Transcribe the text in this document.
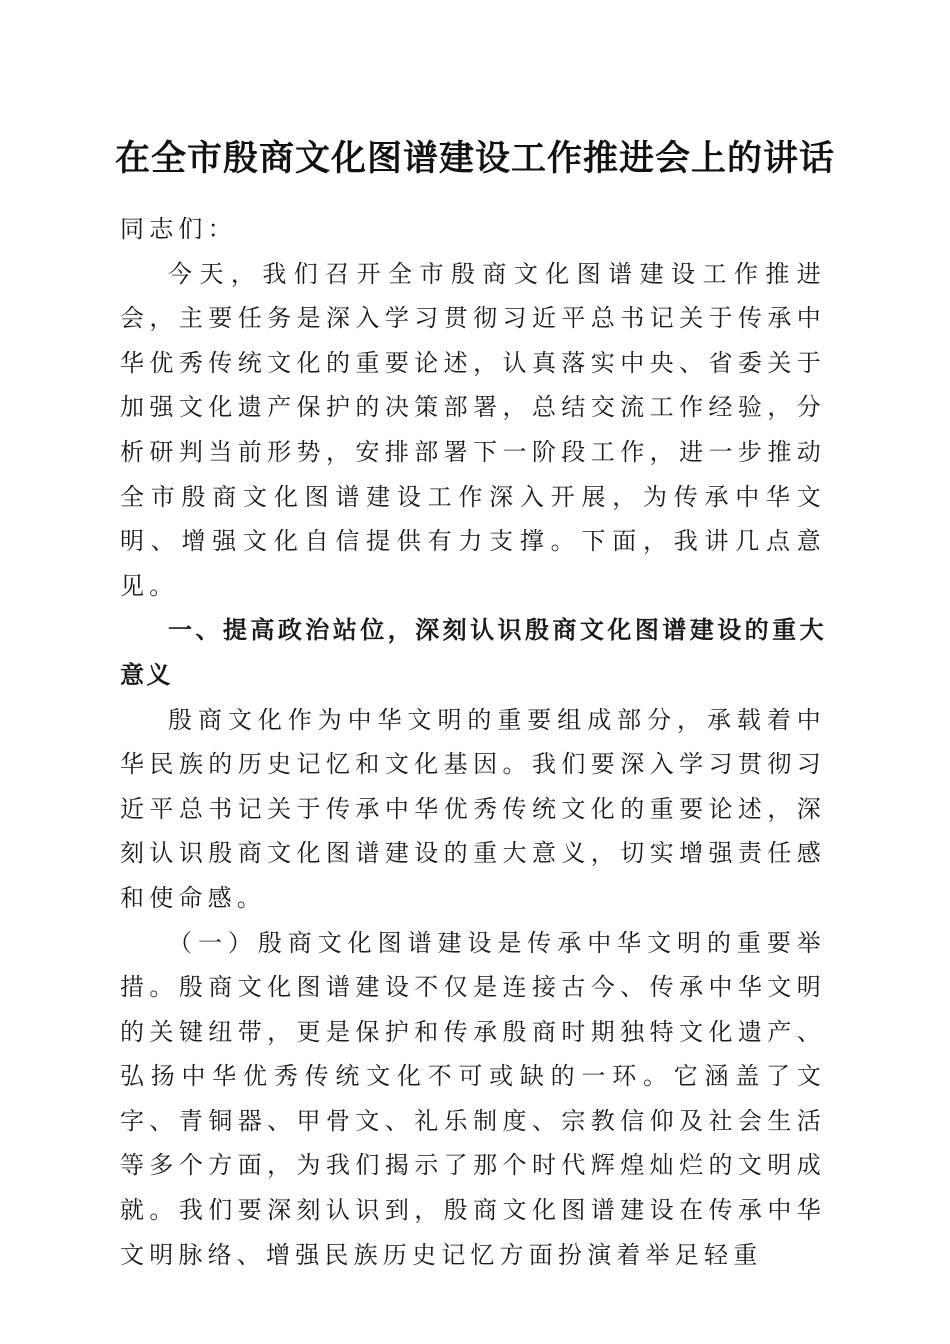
在全市殷商文化图谱建设工作推进会上的讲话

同志们：

今天，我们召开全市殷商文化图谱建设工作推进会，主要任务是深入学习贯彻习近平总书记关于传承中华优秀传统文化的重要论述，认真落实中央、省委关于加强文化遗产保护的决策部署，总结交流工作经验，分析研判当前形势，安排部署下一阶段工作，进一步推动全市殷商文化图谱建设工作深入开展，为传承中华文明、增强文化自信提供有力支撑。下面，我讲几点意见。

一、提高政治站位，深刻认识殷商文化图谱建设的重大意义

殷商文化作为中华文明的重要组成部分，承载着中华民族的历史记忆和文化基因。我们要深入学习贯彻习近平总书记关于传承中华优秀传统文化的重要论述，深刻认识殷商文化图谱建设的重大意义，切实增强责任感和使命感。

（一）殷商文化图谱建设是传承中华文明的重要举措。殷商文化图谱建设不仅是连接古今、传承中华文明的关键纽带，更是保护和传承殷商时期独特文化遗产、弘扬中华优秀传统文化不可或缺的一环。它涵盖了文字、青铜器、甲骨文、礼乐制度、宗教信仰及社会生活等多个方面，为我们揭示了那个时代辉煌灿烂的文明成就。我们要深刻认识到，殷商文化图谱建设在传承中华文明脉络、增强民族历史记忆方面扮演着举足轻重
